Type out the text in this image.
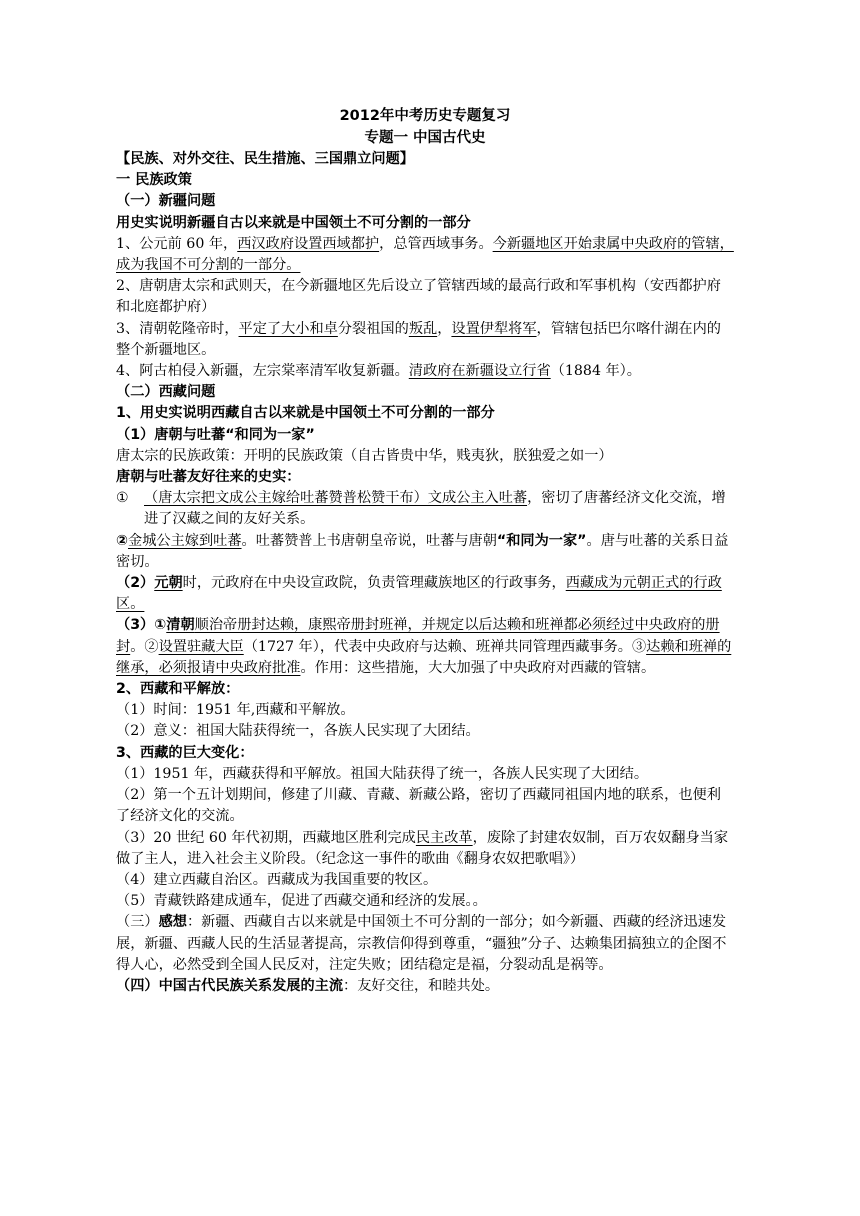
2012年中考历史专题复习

专题一 中国古代史

【民族、对外交往、民生措施、三国鼎立问题】

一 民族政策

（一）新疆问题

用史实说明新疆自古以来就是中国领土不可分割的一部分

1、公元前 60 年，西汉政府设置西域都护，总管西域事务。今新疆地区开始隶属中央政府的管辖，成为我国不可分割的一部分。

2、唐朝唐太宗和武则天，在今新疆地区先后设立了管辖西域的最高行政和军事机构（安西都护府和北庭都护府）

3、清朝乾隆帝时，平定了大小和卓分裂祖国的叛乱，设置伊犁将军，管辖包括巴尔喀什湖在内的整个新疆地区。

4、阿古柏侵入新疆，左宗棠率清军收复新疆。清政府在新疆设立行省（1884 年）。

（二）西藏问题

1、用史实说明西藏自古以来就是中国领土不可分割的一部分

（1）唐朝与吐蕃“和同为一家”

唐太宗的民族政策：开明的民族政策（自古皆贵中华，贱夷狄，朕独爱之如一）

唐朝与吐蕃友好往来的史实：

① （唐太宗把文成公主嫁给吐蕃赞普松赞干布）文成公主入吐蕃，密切了唐蕃经济文化交流，增进了汉藏之间的友好关系。

②金城公主嫁到吐蕃。吐蕃赞普上书唐朝皇帝说，吐蕃与唐朝“和同为一家”。唐与吐蕃的关系日益密切。

（2）元朝时，元政府在中央设宣政院，负责管理藏族地区的行政事务，西藏成为元朝正式的行政区。

（3）①清朝顺治帝册封达赖，康熙帝册封班禅，并规定以后达赖和班禅都必须经过中央政府的册封。②设置驻藏大臣（1727 年），代表中央政府与达赖、班禅共同管理西藏事务。③达赖和班禅的继承，必须报请中央政府批准。作用：这些措施，大大加强了中央政府对西藏的管辖。

2、西藏和平解放：

（1）时间：1951 年,西藏和平解放。

（2）意义：祖国大陆获得统一，各族人民实现了大团结。

3、西藏的巨大变化：

（1）1951 年，西藏获得和平解放。祖国大陆获得了统一，各族人民实现了大团结。

（2）第一个五计划期间，修建了川藏、青藏、新藏公路，密切了西藏同祖国内地的联系，也便利了经济文化的交流。

（3）20 世纪 60 年代初期，西藏地区胜利完成民主改革，废除了封建农奴制，百万农奴翻身当家做了主人，进入社会主义阶段。（纪念这一事件的歌曲《翻身农奴把歌唱》）

（4）建立西藏自治区。西藏成为我国重要的牧区。

（5）青藏铁路建成通车，促进了西藏交通和经济的发展。。

（三）感想：新疆、西藏自古以来就是中国领土不可分割的一部分；如今新疆、西藏的经济迅速发展，新疆、西藏人民的生活显著提高，宗教信仰得到尊重，“疆独”分子、达赖集团搞独立的企图不得人心，必然受到全国人民反对，注定失败；团结稳定是福，分裂动乱是祸等。

（四）中国古代民族关系发展的主流：友好交往，和睦共处。
